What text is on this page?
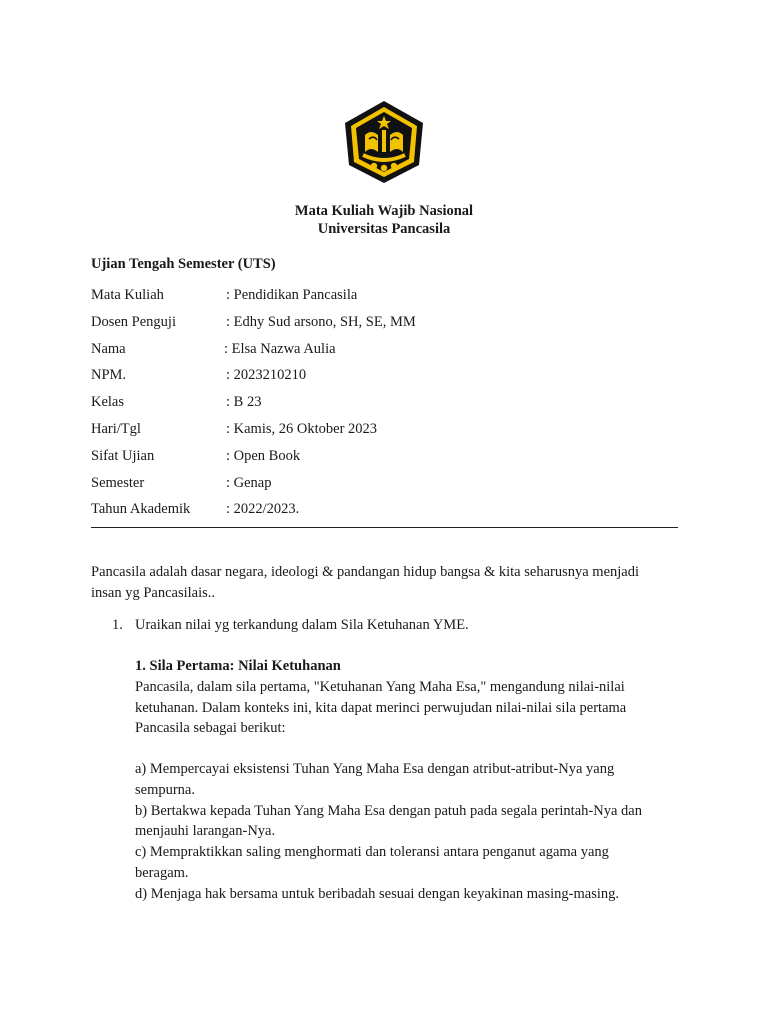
Mata Kuliah Wajib Nasional
Universitas Pancasila
Ujian Tengah Semester (UTS)
Mata Kuliah	: Pendidikan Pancasila
Dosen Penguji	: Edhy Sud arsono, SH, SE, MM
Nama	: Elsa Nazwa Aulia
NPM.	: 2023210210
Kelas	: B 23
Hari/Tgl	: Kamis, 26 Oktober 2023
Sifat Ujian	: Open Book
Semester	: Genap
Tahun Akademik : 2022/2023.

Pancasila adalah dasar negara, ideologi & pandangan hidup bangsa & kita seharusnya menjadi

insan yg Pancasilais..

1. Uraikan nilai yg terkandung dalam Sila Ketuhanan YME.

1. Sila Pertama: Nilai Ketuhanan

Pancasila, dalam sila pertama, "Ketuhanan Yang Maha Esa," mengandung nilai-nilai

ketuhanan. Dalam konteks ini, kita dapat merinci perwujudan nilai-nilai sila pertama

Pancasila sebagai berikut:

a) Mempercayai eksistensi Tuhan Yang Maha Esa dengan atribut-atribut-Nya yang

sempurna.

b) Bertakwa kepada Tuhan Yang Maha Esa dengan patuh pada segala perintah-Nya dan

menjauhi larangan-Nya.

c) Mempraktikkan saling menghormati dan toleransi antara penganut agama yang

beragam.

d) Menjaga hak bersama untuk beribadah sesuai dengan keyakinan masing-masing.
